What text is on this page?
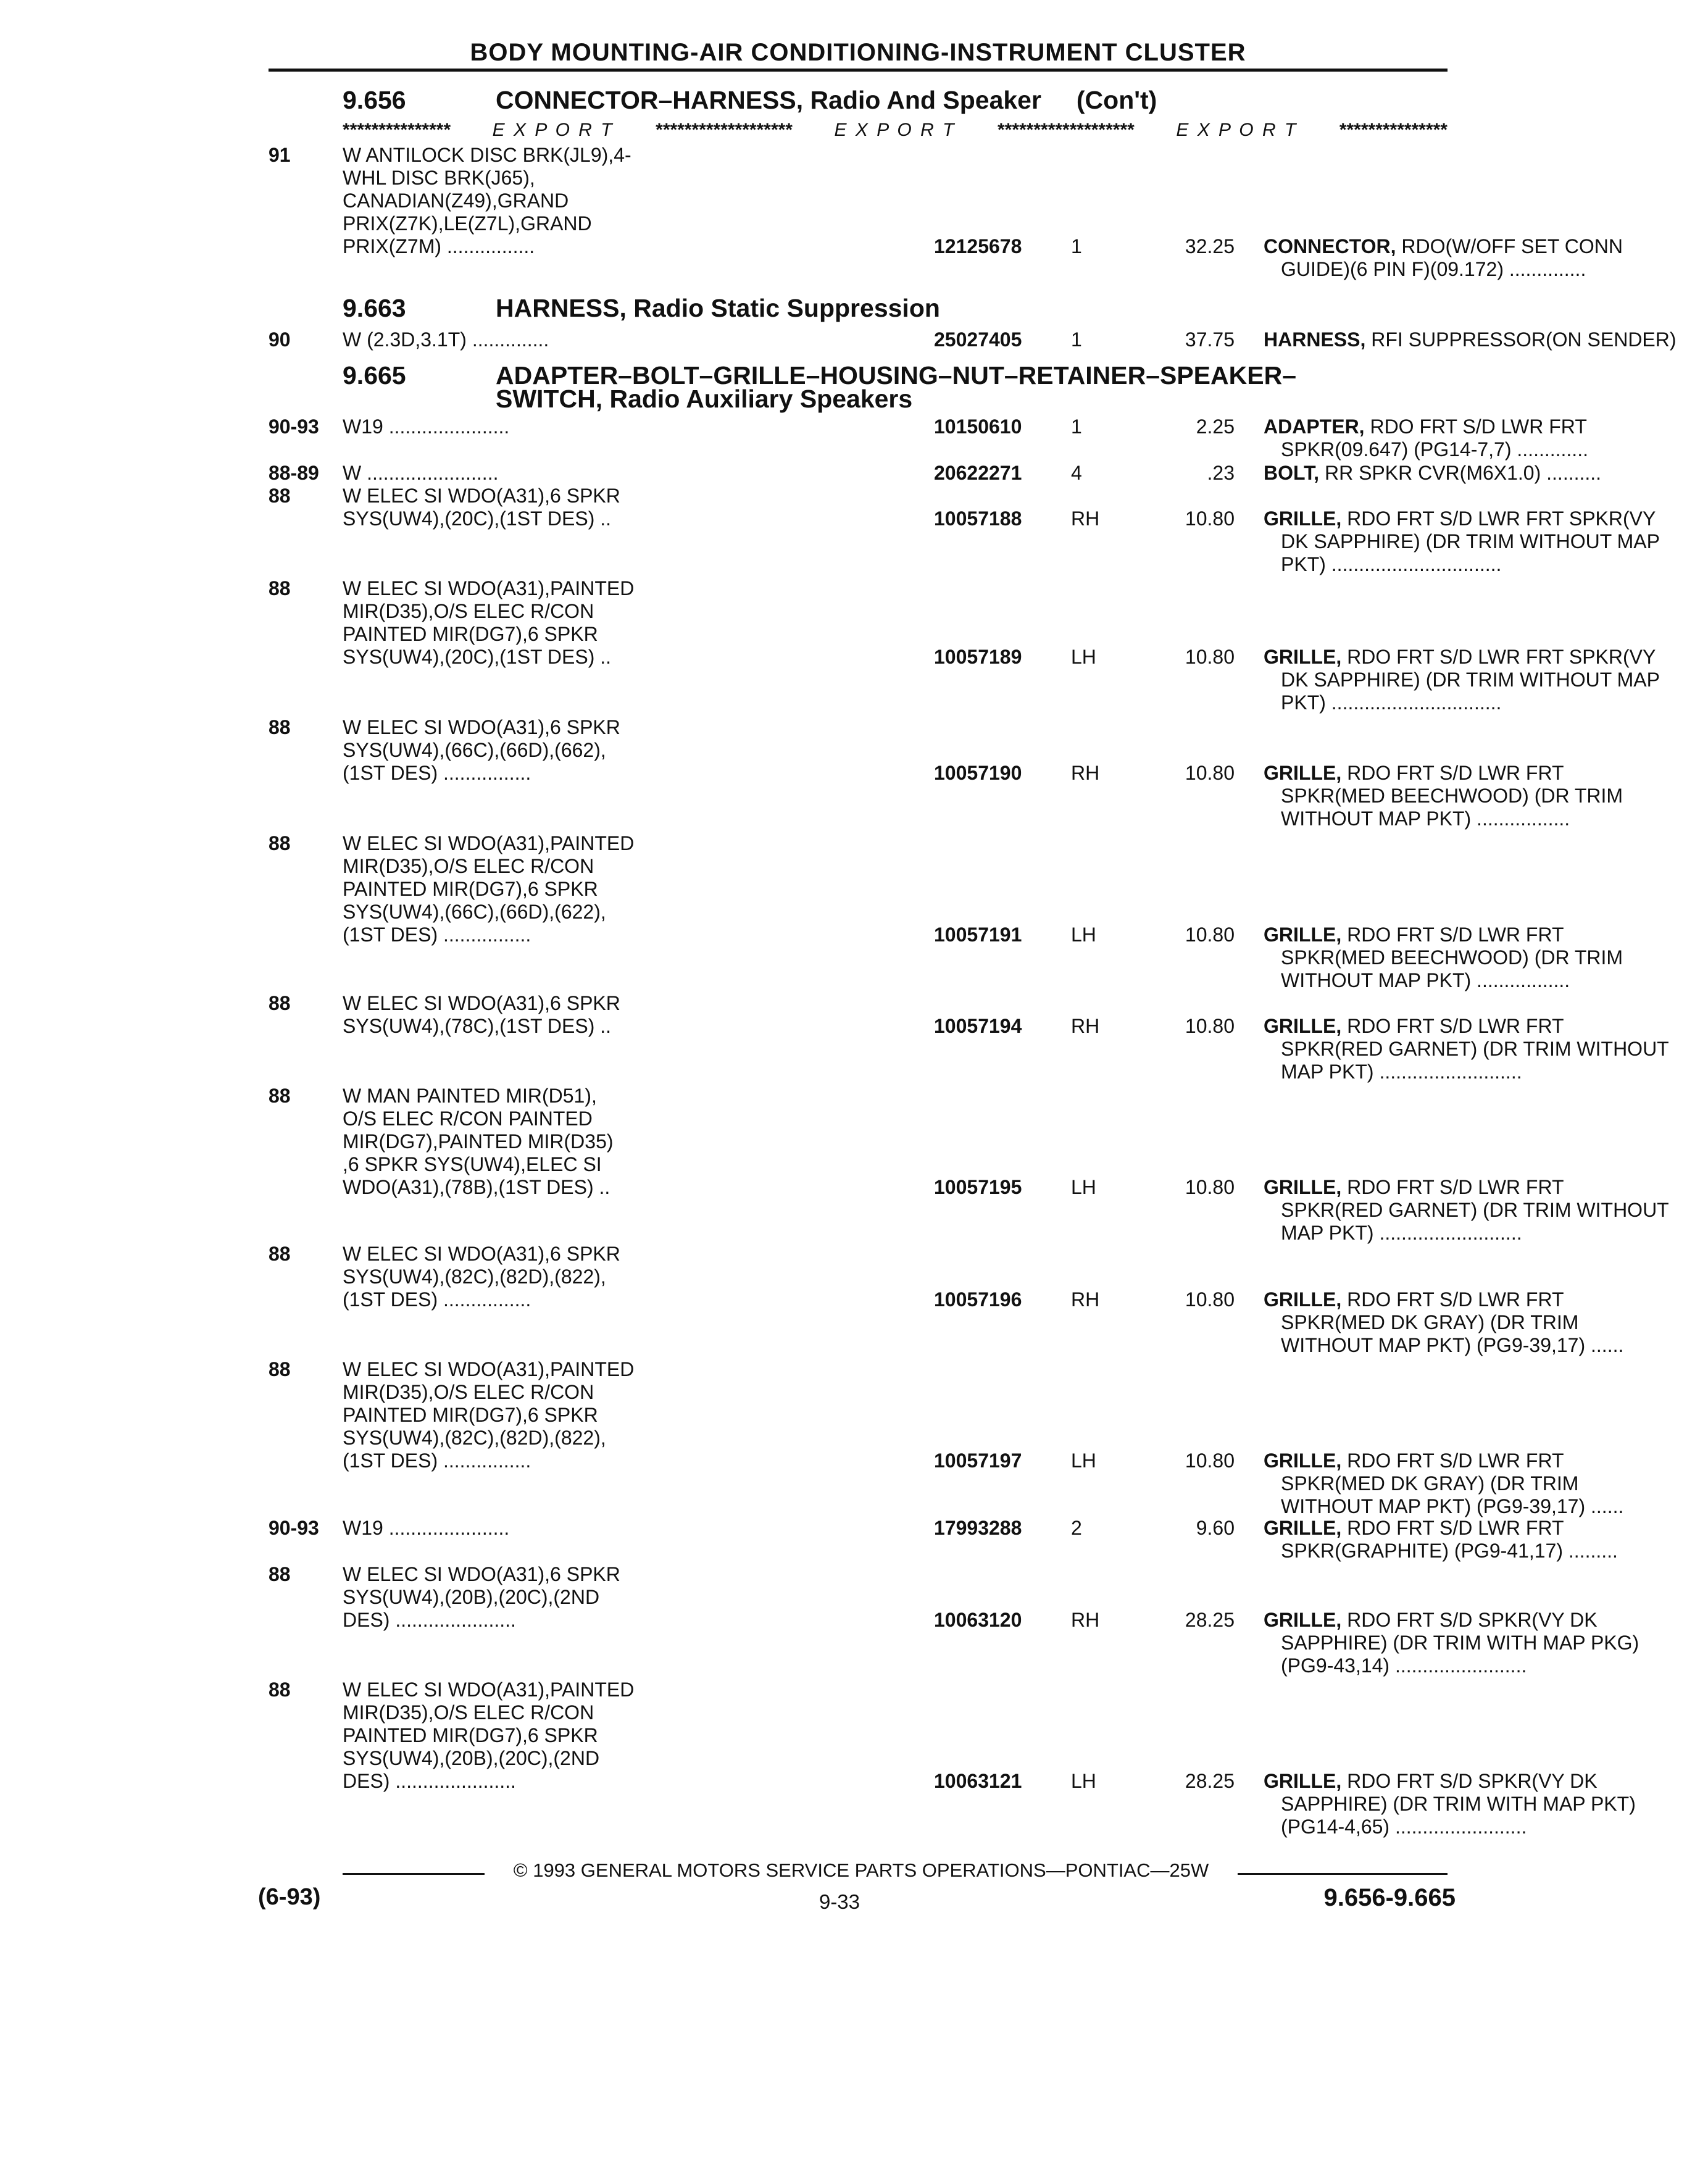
BODY MOUNTING-AIR CONDITIONING-INSTRUMENT CLUSTER
9.656	CONNECTOR–HARNESS, Radio And Speaker     (Con't)
*************** E X P O R T ******************* E X P O R T ******************* E X P O R T ***************
91	W ANTILOCK DISC BRK(JL9),4-
WHL DISC BRK(J65),
CANADIAN(Z49),GRAND
PRIX(Z7K),LE(Z7L),GRAND
PRIX(Z7M) ................	12125678 1	32.25 CONNECTOR, RDO(W/OFF SET CONN
GUIDE)(6 PIN F)(09.172) ..............
9.663	HARNESS, Radio Static Suppression
90	W (2.3D,3.1T) ..............	25027405 1	37.75 HARNESS, RFI SUPPRESSOR(ON SENDER)
9.665	ADAPTER–BOLT–GRILLE–HOUSING–NUT–RETAINER–SPEAKER–
SWITCH, Radio Auxiliary Speakers
90-93	W19 ......................	10150610 1	2.25 ADAPTER, RDO FRT S/D LWR FRT
SPKR(09.647) (PG14-7,7) .............
88-89	W ........................	20622271 4	.23 BOLT, RR SPKR CVR(M6X1.0) ..........
88	W ELEC SI WDO(A31),6 SPKR
SYS(UW4),(20C),(1ST DES) ..	10057188 RH	10.80 GRILLE, RDO FRT S/D LWR FRT SPKR(VY
DK SAPPHIRE) (DR TRIM WITHOUT MAP
PKT) ...............................
88	W ELEC SI WDO(A31),PAINTED
MIR(D35),O/S ELEC R/CON
PAINTED MIR(DG7),6 SPKR
SYS(UW4),(20C),(1ST DES) ..	10057189 LH	10.80 GRILLE, RDO FRT S/D LWR FRT SPKR(VY
DK SAPPHIRE) (DR TRIM WITHOUT MAP
PKT) ...............................
88	W ELEC SI WDO(A31),6 SPKR
SYS(UW4),(66C),(66D),(662),
(1ST DES) ................	10057190 RH	10.80 GRILLE, RDO FRT S/D LWR FRT
SPKR(MED BEECHWOOD) (DR TRIM
WITHOUT MAP PKT) .................
88	W ELEC SI WDO(A31),PAINTED
MIR(D35),O/S ELEC R/CON
PAINTED MIR(DG7),6 SPKR
SYS(UW4),(66C),(66D),(622),
(1ST DES) ................	10057191 LH	10.80 GRILLE, RDO FRT S/D LWR FRT
SPKR(MED BEECHWOOD) (DR TRIM
WITHOUT MAP PKT) .................
88	W ELEC SI WDO(A31),6 SPKR
SYS(UW4),(78C),(1ST DES) ..	10057194 RH	10.80 GRILLE, RDO FRT S/D LWR FRT
SPKR(RED GARNET) (DR TRIM WITHOUT
MAP PKT) ..........................
88	W MAN PAINTED MIR(D51),
O/S ELEC R/CON PAINTED
MIR(DG7),PAINTED MIR(D35)
,6 SPKR SYS(UW4),ELEC SI
WDO(A31),(78B),(1ST DES) ..	10057195 LH	10.80 GRILLE, RDO FRT S/D LWR FRT
SPKR(RED GARNET) (DR TRIM WITHOUT
MAP PKT) ..........................
88	W ELEC SI WDO(A31),6 SPKR
SYS(UW4),(82C),(82D),(822),
(1ST DES) ................	10057196 RH	10.80 GRILLE, RDO FRT S/D LWR FRT
SPKR(MED DK GRAY) (DR TRIM
WITHOUT MAP PKT) (PG9-39,17) ......
88	W ELEC SI WDO(A31),PAINTED
MIR(D35),O/S ELEC R/CON
PAINTED MIR(DG7),6 SPKR
SYS(UW4),(82C),(82D),(822),
(1ST DES) ................	10057197 LH	10.80 GRILLE, RDO FRT S/D LWR FRT
SPKR(MED DK GRAY) (DR TRIM
WITHOUT MAP PKT) (PG9-39,17) ......
90-93	W19 ......................	17993288 2	9.60 GRILLE, RDO FRT S/D LWR FRT
SPKR(GRAPHITE) (PG9-41,17) .........
88	W ELEC SI WDO(A31),6 SPKR
SYS(UW4),(20B),(20C),(2ND
DES) ......................	10063120 RH	28.25 GRILLE, RDO FRT S/D SPKR(VY DK
SAPPHIRE) (DR TRIM WITH MAP PKG)
(PG9-43,14) ........................
88	W ELEC SI WDO(A31),PAINTED
MIR(D35),O/S ELEC R/CON
PAINTED MIR(DG7),6 SPKR
SYS(UW4),(20B),(20C),(2ND
DES) ......................	10063121 LH	28.25 GRILLE, RDO FRT S/D SPKR(VY DK
SAPPHIRE) (DR TRIM WITH MAP PKT)
(PG14-4,65) ........................
© 1993 GENERAL MOTORS SERVICE PARTS OPERATIONS—PONTIAC—25W
(6-93)	9-33	9.656-9.665
